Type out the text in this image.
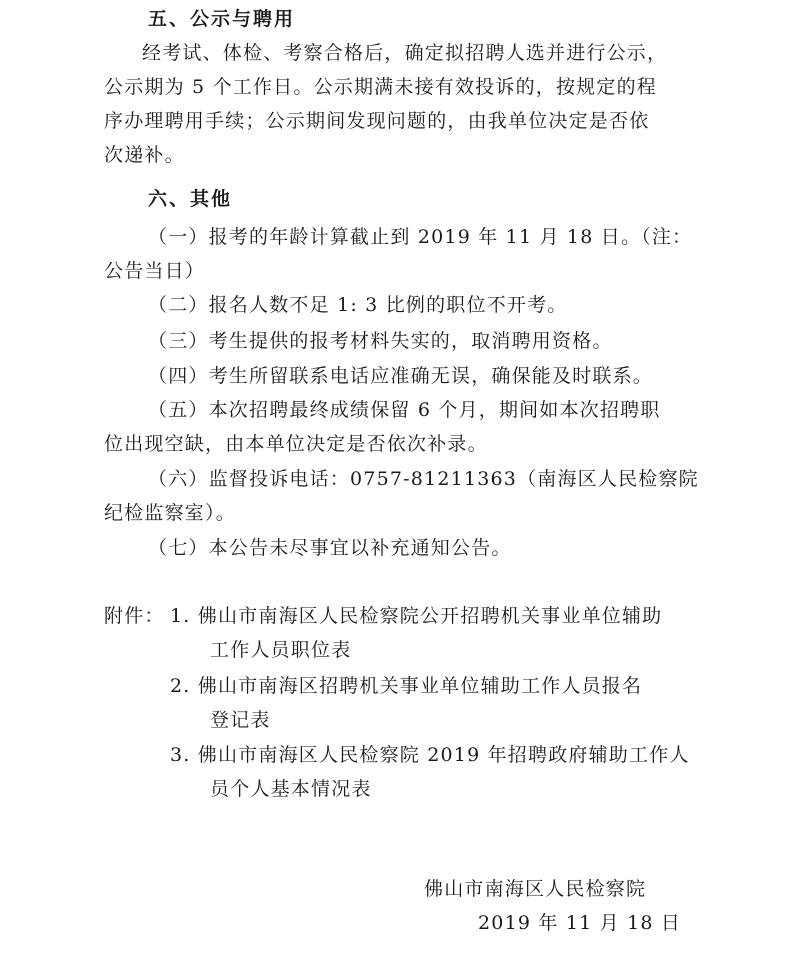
五、公示与聘用
经考试、体检、考察合格后，确定拟招聘人选并进行公示，
公示期为 5 个工作日。公示期满未接有效投诉的，按规定的程
序办理聘用手续；公示期间发现问题的，由我单位决定是否依
次递补。
六、其他
（一）报考的年龄计算截止到 2019 年 11 月 18 日。（注：
公告当日）
（二）报名人数不足 1: 3 比例的职位不开考。
（三）考生提供的报考材料失实的，取消聘用资格。
（四）考生所留联系电话应准确无误，确保能及时联系。
（五）本次招聘最终成绩保留 6 个月，期间如本次招聘职
位出现空缺，由本单位决定是否依次补录。
（六）监督投诉电话：0757-81211363（南海区人民检察院
纪检监察室）。
（七）本公告未尽事宜以补充通知公告。
附件： 1. 佛山市南海区人民检察院公开招聘机关事业单位辅助
工作人员职位表
2. 佛山市南海区招聘机关事业单位辅助工作人员报名
登记表
3. 佛山市南海区人民检察院 2019 年招聘政府辅助工作人
员个人基本情况表
佛山市南海区人民检察院
2019 年 11 月 18 日
